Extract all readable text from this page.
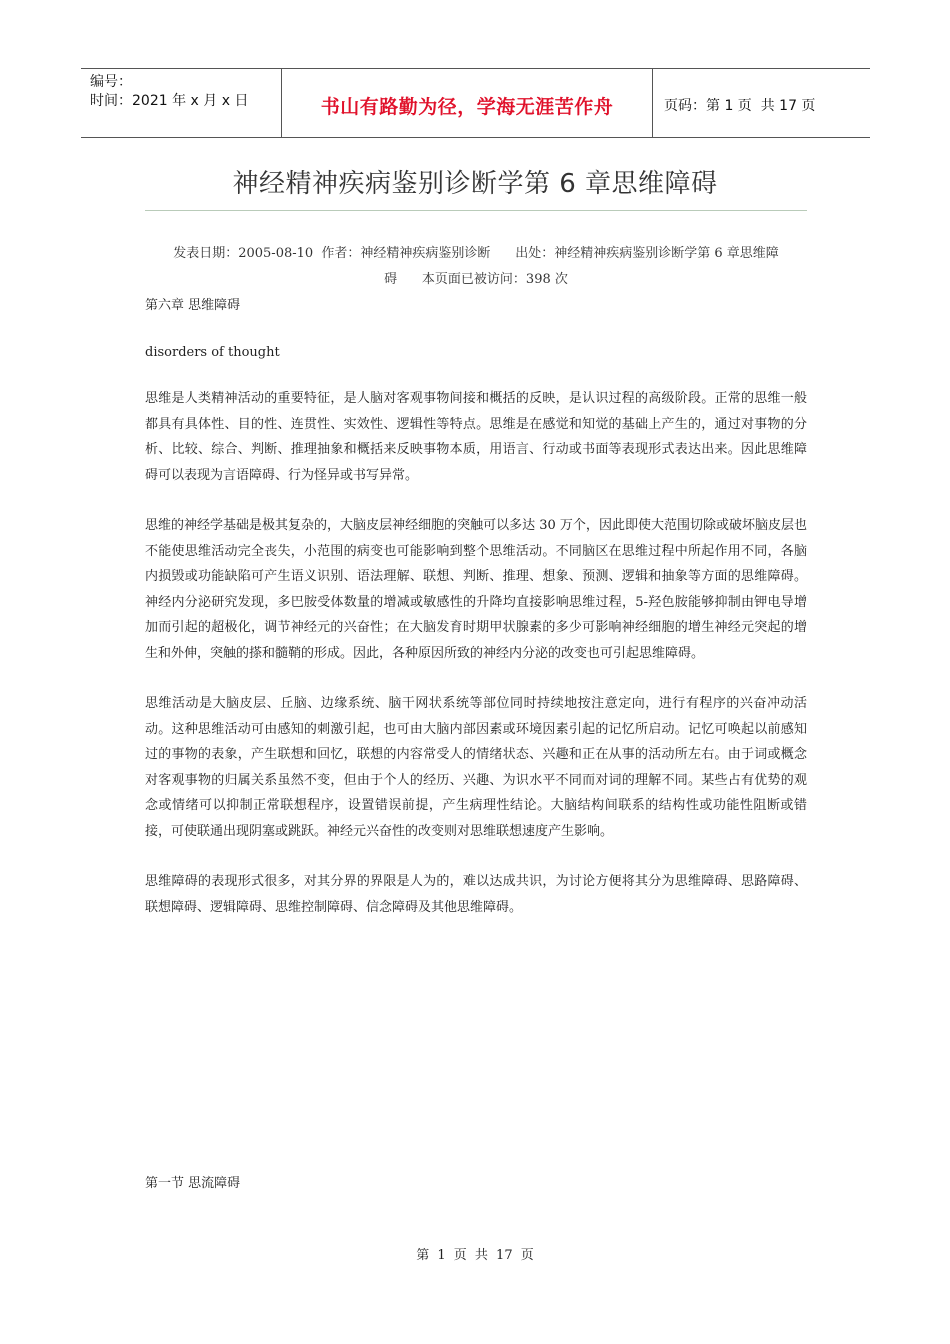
编号：
时间：2021 年 x 月 x 日	书山有路勤为径，学海无涯苦作舟	页码：第 1 页  共 17 页
神经精神疾病鉴别诊断学第 6 章思维障碍
发表日期：2005-08-10  作者：神经精神疾病鉴别诊断      出处：神经精神疾病鉴别诊断学第 6 章思维障
碍      本页面已被访问：398 次

第六章 思维障碍

disorders of thought

思维是人类精神活动的重要特征，是人脑对客观事物间接和概括的反映，是认识过程的高级阶段。正常的思维一般都具有具体性、目的性、连贯性、实效性、逻辑性等特点。思维是在感觉和知觉的基础上产生的，通过对事物的分析、比较、综合、判断、推理抽象和概括来反映事物本质，用语言、行动或书面等表现形式表达出来。因此思维障碍可以表现为言语障碍、行为怪异或书写异常。

思维的神经学基础是极其复杂的，大脑皮层神经细胞的突触可以多达 30 万个，因此即使大范围切除或破坏脑皮层也不能使思维活动完全丧失，小范围的病变也可能影响到整个思维活动。不同脑区在思维过程中所起作用不同，各脑内损毁或功能缺陷可产生语义识别、语法理解、联想、判断、推理、想象、预测、逻辑和抽象等方面的思维障碍。神经内分泌研究发现，多巴胺受体数量的增减或敏感性的升降均直接影响思维过程，5-羟色胺能够抑制由钾电导增加而引起的超极化，调节神经元的兴奋性；在大脑发育时期甲状腺素的多少可影响神经细胞的增生神经元突起的增生和外伸，突触的搽和髓鞘的形成。因此，各种原因所致的神经内分泌的改变也可引起思维障碍。

思维活动是大脑皮层、丘脑、边缘系统、脑干网状系统等部位同时持续地按注意定向，进行有程序的兴奋冲动活动。这种思维活动可由感知的刺激引起，也可由大脑内部因素或环境因素引起的记忆所启动。记忆可唤起以前感知过的事物的表象，产生联想和回忆，联想的内容常受人的情绪状态、兴趣和正在从事的活动所左右。由于词或概念对客观事物的归属关系虽然不变，但由于个人的经历、兴趣、为识水平不同而对词的理解不同。某些占有优势的观念或情绪可以抑制正常联想程序，设置错误前提，产生病理性结论。大脑结构间联系的结构性或功能性阻断或错接，可使联通出现阴塞或跳跃。神经元兴奋性的改变则对思维联想速度产生影响。

思维障碍的表现形式很多，对其分界的界限是人为的，难以达成共识，为讨论方便将其分为思维障碍、思路障碍、联想障碍、逻辑障碍、思维控制障碍、信念障碍及其他思维障碍。

第一节 思流障碍
第 1 页 共 17 页
